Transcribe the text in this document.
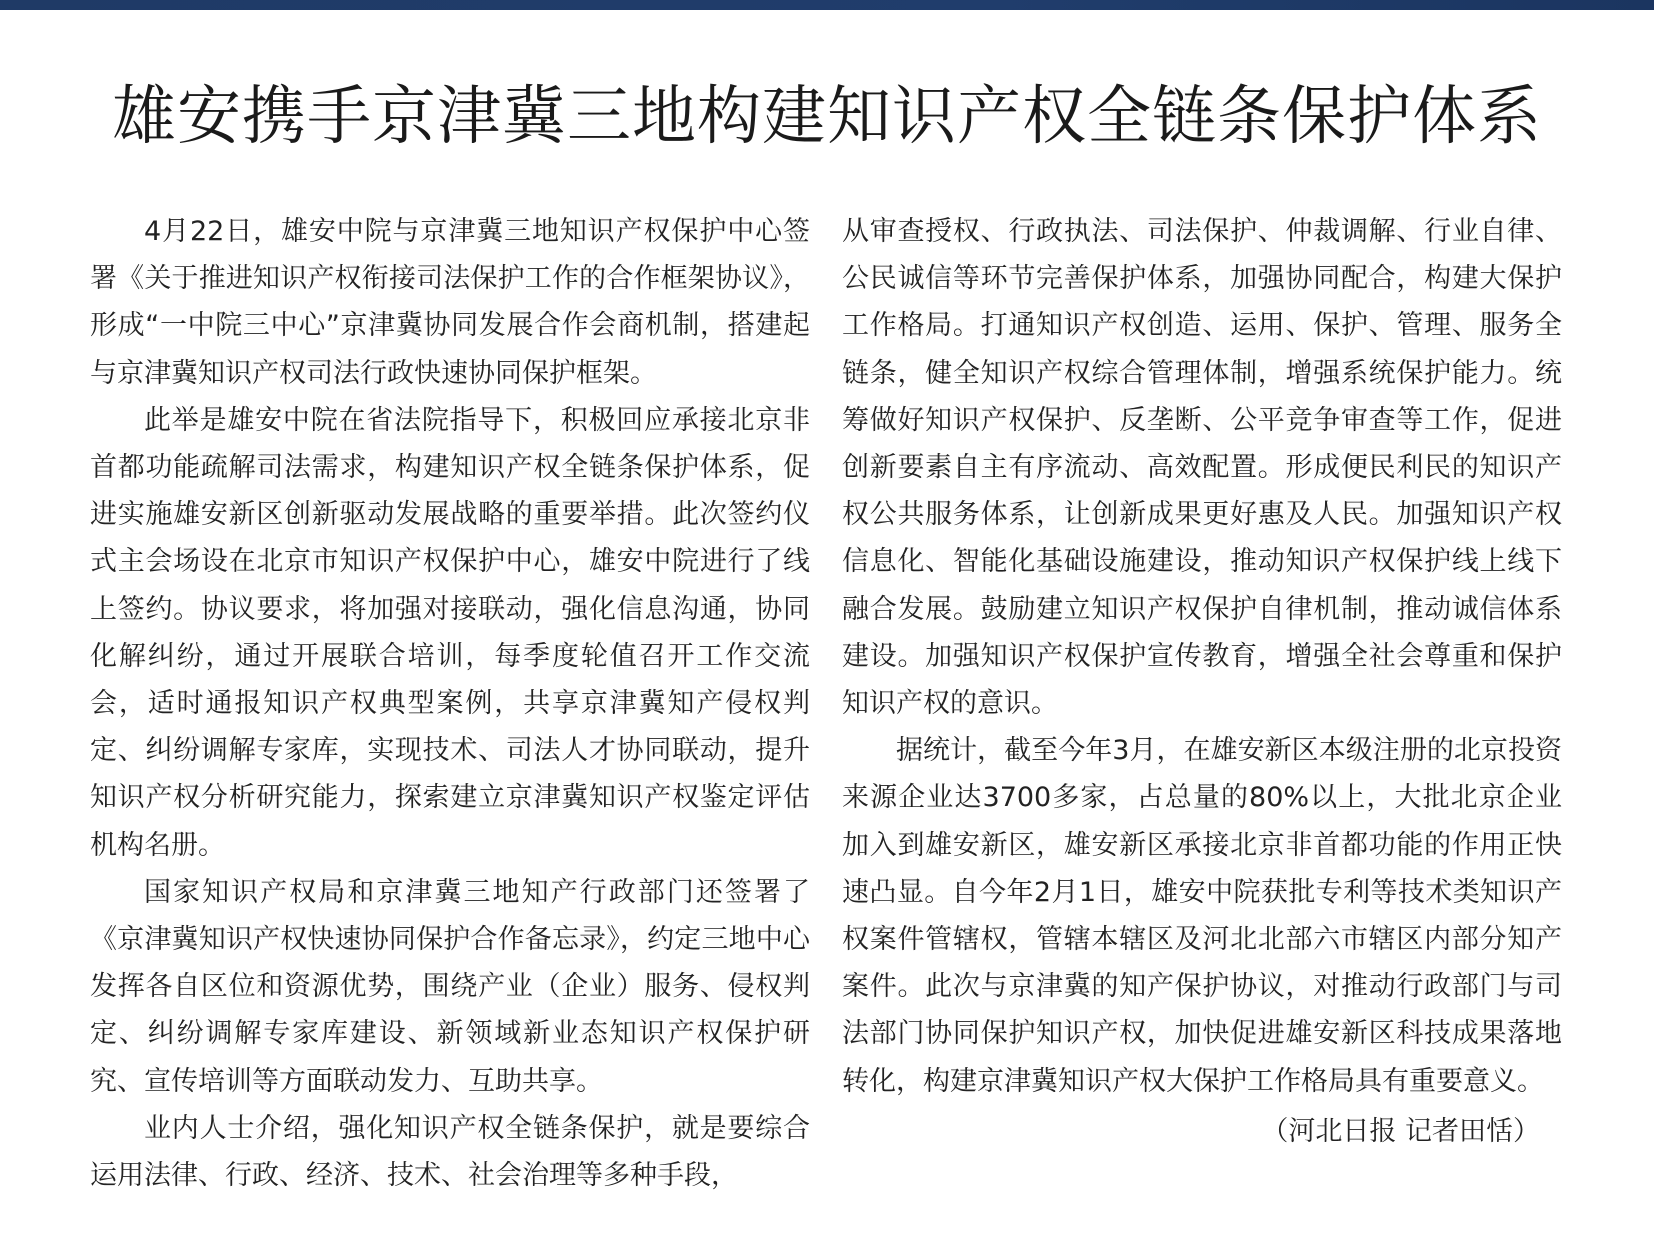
雄安携手京津冀三地构建知识产权全链条保护体系

4月22日，雄安中院与京津冀三地知识产权保护中心签署《关于推进知识产权衔接司法保护工作的合作框架协议》，形成“一中院三中心”京津冀协同发展合作会商机制，搭建起与京津冀知识产权司法行政快速协同保护框架。

此举是雄安中院在省法院指导下，积极回应承接北京非首都功能疏解司法需求，构建知识产权全链条保护体系，促进实施雄安新区创新驱动发展战略的重要举措。此次签约仪式主会场设在北京市知识产权保护中心，雄安中院进行了线上签约。协议要求，将加强对接联动，强化信息沟通，协同化解纠纷，通过开展联合培训，每季度轮值召开工作交流会，适时通报知识产权典型案例，共享京津冀知产侵权判定、纠纷调解专家库，实现技术、司法人才协同联动，提升知识产权分析研究能力，探索建立京津冀知识产权鉴定评估机构名册。

国家知识产权局和京津冀三地知产行政部门还签署了《京津冀知识产权快速协同保护合作备忘录》，约定三地中心发挥各自区位和资源优势，围绕产业（企业）服务、侵权判定、纠纷调解专家库建设、新领域新业态知识产权保护研究、宣传培训等方面联动发力、互助共享。

业内人士介绍，强化知识产权全链条保护，就是要综合运用法律、行政、经济、技术、社会治理等多种手段，

从审查授权、行政执法、司法保护、仲裁调解、行业自律、公民诚信等环节完善保护体系，加强协同配合，构建大保护工作格局。打通知识产权创造、运用、保护、管理、服务全链条，健全知识产权综合管理体制，增强系统保护能力。统筹做好知识产权保护、反垄断、公平竞争审查等工作，促进创新要素自主有序流动、高效配置。形成便民利民的知识产权公共服务体系，让创新成果更好惠及人民。加强知识产权信息化、智能化基础设施建设，推动知识产权保护线上线下融合发展。鼓励建立知识产权保护自律机制，推动诚信体系建设。加强知识产权保护宣传教育，增强全社会尊重和保护知识产权的意识。

据统计，截至今年3月，在雄安新区本级注册的北京投资来源企业达3700多家，占总量的80%以上，大批北京企业加入到雄安新区，雄安新区承接北京非首都功能的作用正快速凸显。自今年2月1日，雄安中院获批专利等技术类知识产权案件管辖权，管辖本辖区及河北北部六市辖区内部分知产案件。此次与京津冀的知产保护协议，对推动行政部门与司法部门协同保护知识产权，加快促进雄安新区科技成果落地转化，构建京津冀知识产权大保护工作格局具有重要意义。

（河北日报 记者田恬）
